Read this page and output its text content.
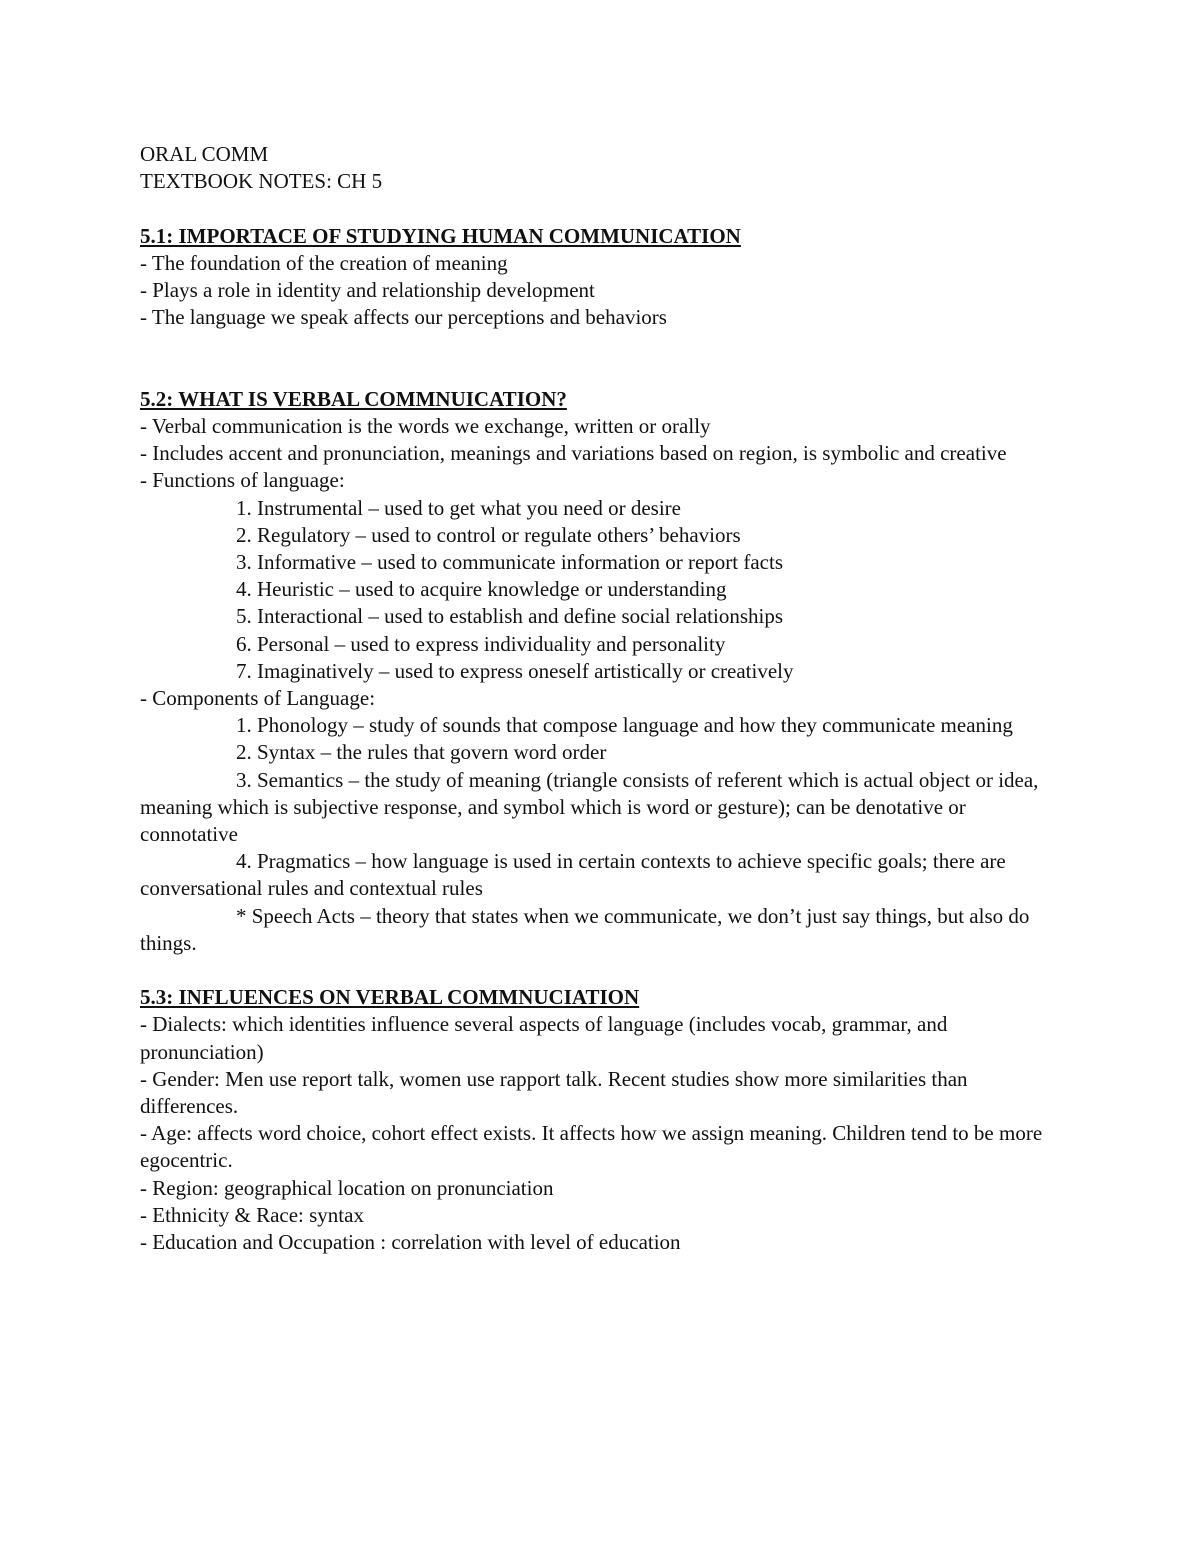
ORAL COMM
TEXTBOOK NOTES: CH 5
5.1: IMPORTACE OF STUDYING HUMAN COMMUNICATION
- The foundation of the creation of meaning
- Plays a role in identity and relationship development
- The language we speak affects our perceptions and behaviors
5.2: WHAT IS VERBAL COMMNUICATION?
- Verbal communication is the words we exchange, written or orally
- Includes accent and pronunciation, meanings and variations based on region, is symbolic and creative
- Functions of language:
1. Instrumental – used to get what you need or desire
2. Regulatory – used to control or regulate others’ behaviors
3. Informative – used to communicate information or report facts
4. Heuristic – used to acquire knowledge or understanding
5. Interactional – used to establish and define social relationships
6. Personal – used to express individuality and personality
7. Imaginatively – used to express oneself artistically or creatively
- Components of Language:
1. Phonology – study of sounds that compose language and how they communicate meaning
2. Syntax – the rules that govern word order
3. Semantics – the study of meaning (triangle consists of referent which is actual object or idea, meaning which is subjective response, and symbol which is word or gesture); can be denotative or connotative
4. Pragmatics – how language is used in certain contexts to achieve specific goals; there are conversational rules and contextual rules
* Speech Acts – theory that states when we communicate, we don’t just say things, but also do things.
5.3: INFLUENCES ON VERBAL COMMNUCIATION
- Dialects: which identities influence several aspects of language (includes vocab, grammar, and pronunciation)
- Gender: Men use report talk, women use rapport talk. Recent studies show more similarities than differences.
- Age: affects word choice, cohort effect exists. It affects how we assign meaning. Children tend to be more egocentric.
- Region: geographical location on pronunciation
- Ethnicity & Race: syntax
- Education and Occupation : correlation with level of education
